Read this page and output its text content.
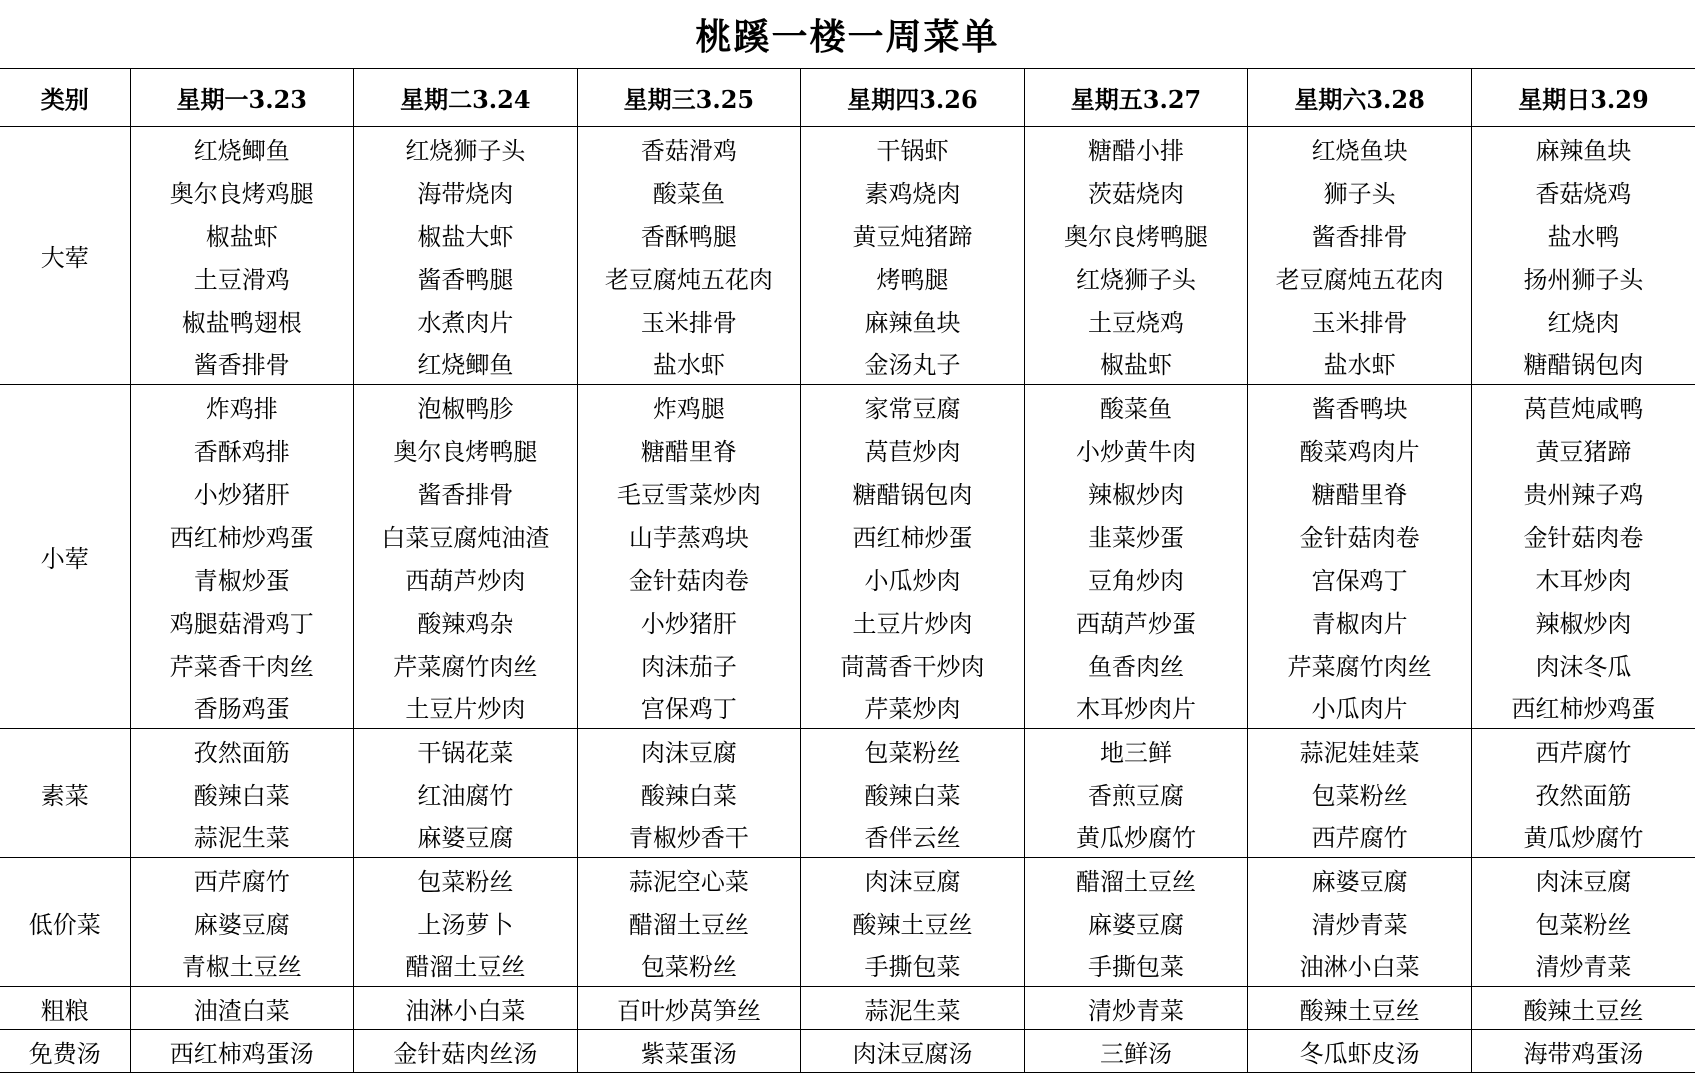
桃蹊一楼一周菜单
类别	星期一3.23	星期二3.24	星期三3.25	星期四3.26	星期五3.27	星期六3.28	星期日3.29
大荤	红烧鲫鱼	红烧狮子头	香菇滑鸡	干锅虾	糖醋小排	红烧鱼块	麻辣鱼块
	奥尔良烤鸡腿	海带烧肉	酸菜鱼	素鸡烧肉	茨菇烧肉	狮子头	香菇烧鸡
	椒盐虾	椒盐大虾	香酥鸭腿	黄豆炖猪蹄	奥尔良烤鸭腿	酱香排骨	盐水鸭
	土豆滑鸡	酱香鸭腿	老豆腐炖五花肉	烤鸭腿	红烧狮子头	老豆腐炖五花肉	扬州狮子头
	椒盐鸭翅根	水煮肉片	玉米排骨	麻辣鱼块	土豆烧鸡	玉米排骨	红烧肉
	酱香排骨	红烧鲫鱼	盐水虾	金汤丸子	椒盐虾	盐水虾	糖醋锅包肉
小荤	炸鸡排	泡椒鸭胗	炸鸡腿	家常豆腐	酸菜鱼	酱香鸭块	莴苣炖咸鸭
	香酥鸡排	奥尔良烤鸭腿	糖醋里脊	莴苣炒肉	小炒黄牛肉	酸菜鸡肉片	黄豆猪蹄
	小炒猪肝	酱香排骨	毛豆雪菜炒肉	糖醋锅包肉	辣椒炒肉	糖醋里脊	贵州辣子鸡
	西红柿炒鸡蛋	白菜豆腐炖油渣	山芋蒸鸡块	西红柿炒蛋	韭菜炒蛋	金针菇肉卷	金针菇肉卷
	青椒炒蛋	西葫芦炒肉	金针菇肉卷	小瓜炒肉	豆角炒肉	宫保鸡丁	木耳炒肉
	鸡腿菇滑鸡丁	酸辣鸡杂	小炒猪肝	土豆片炒肉	西葫芦炒蛋	青椒肉片	辣椒炒肉
	芹菜香干肉丝	芹菜腐竹肉丝	肉沫茄子	茼蒿香干炒肉	鱼香肉丝	芹菜腐竹肉丝	肉沫冬瓜
	香肠鸡蛋	土豆片炒肉	宫保鸡丁	芹菜炒肉	木耳炒肉片	小瓜肉片	西红柿炒鸡蛋
素菜	孜然面筋	干锅花菜	肉沫豆腐	包菜粉丝	地三鲜	蒜泥娃娃菜	西芹腐竹
	酸辣白菜	红油腐竹	酸辣白菜	酸辣白菜	香煎豆腐	包菜粉丝	孜然面筋
	蒜泥生菜	麻婆豆腐	青椒炒香干	香伴云丝	黄瓜炒腐竹	西芹腐竹	黄瓜炒腐竹
低价菜	西芹腐竹	包菜粉丝	蒜泥空心菜	肉沫豆腐	醋溜土豆丝	麻婆豆腐	肉沫豆腐
	麻婆豆腐	上汤萝卜	醋溜土豆丝	酸辣土豆丝	麻婆豆腐	清炒青菜	包菜粉丝
	青椒土豆丝	醋溜土豆丝	包菜粉丝	手撕包菜	手撕包菜	油淋小白菜	清炒青菜
粗粮	油渣白菜	油淋小白菜	百叶炒莴笋丝	蒜泥生菜	清炒青菜	酸辣土豆丝	酸辣土豆丝
免费汤	西红柿鸡蛋汤	金针菇肉丝汤	紫菜蛋汤	肉沫豆腐汤	三鲜汤	冬瓜虾皮汤	海带鸡蛋汤
